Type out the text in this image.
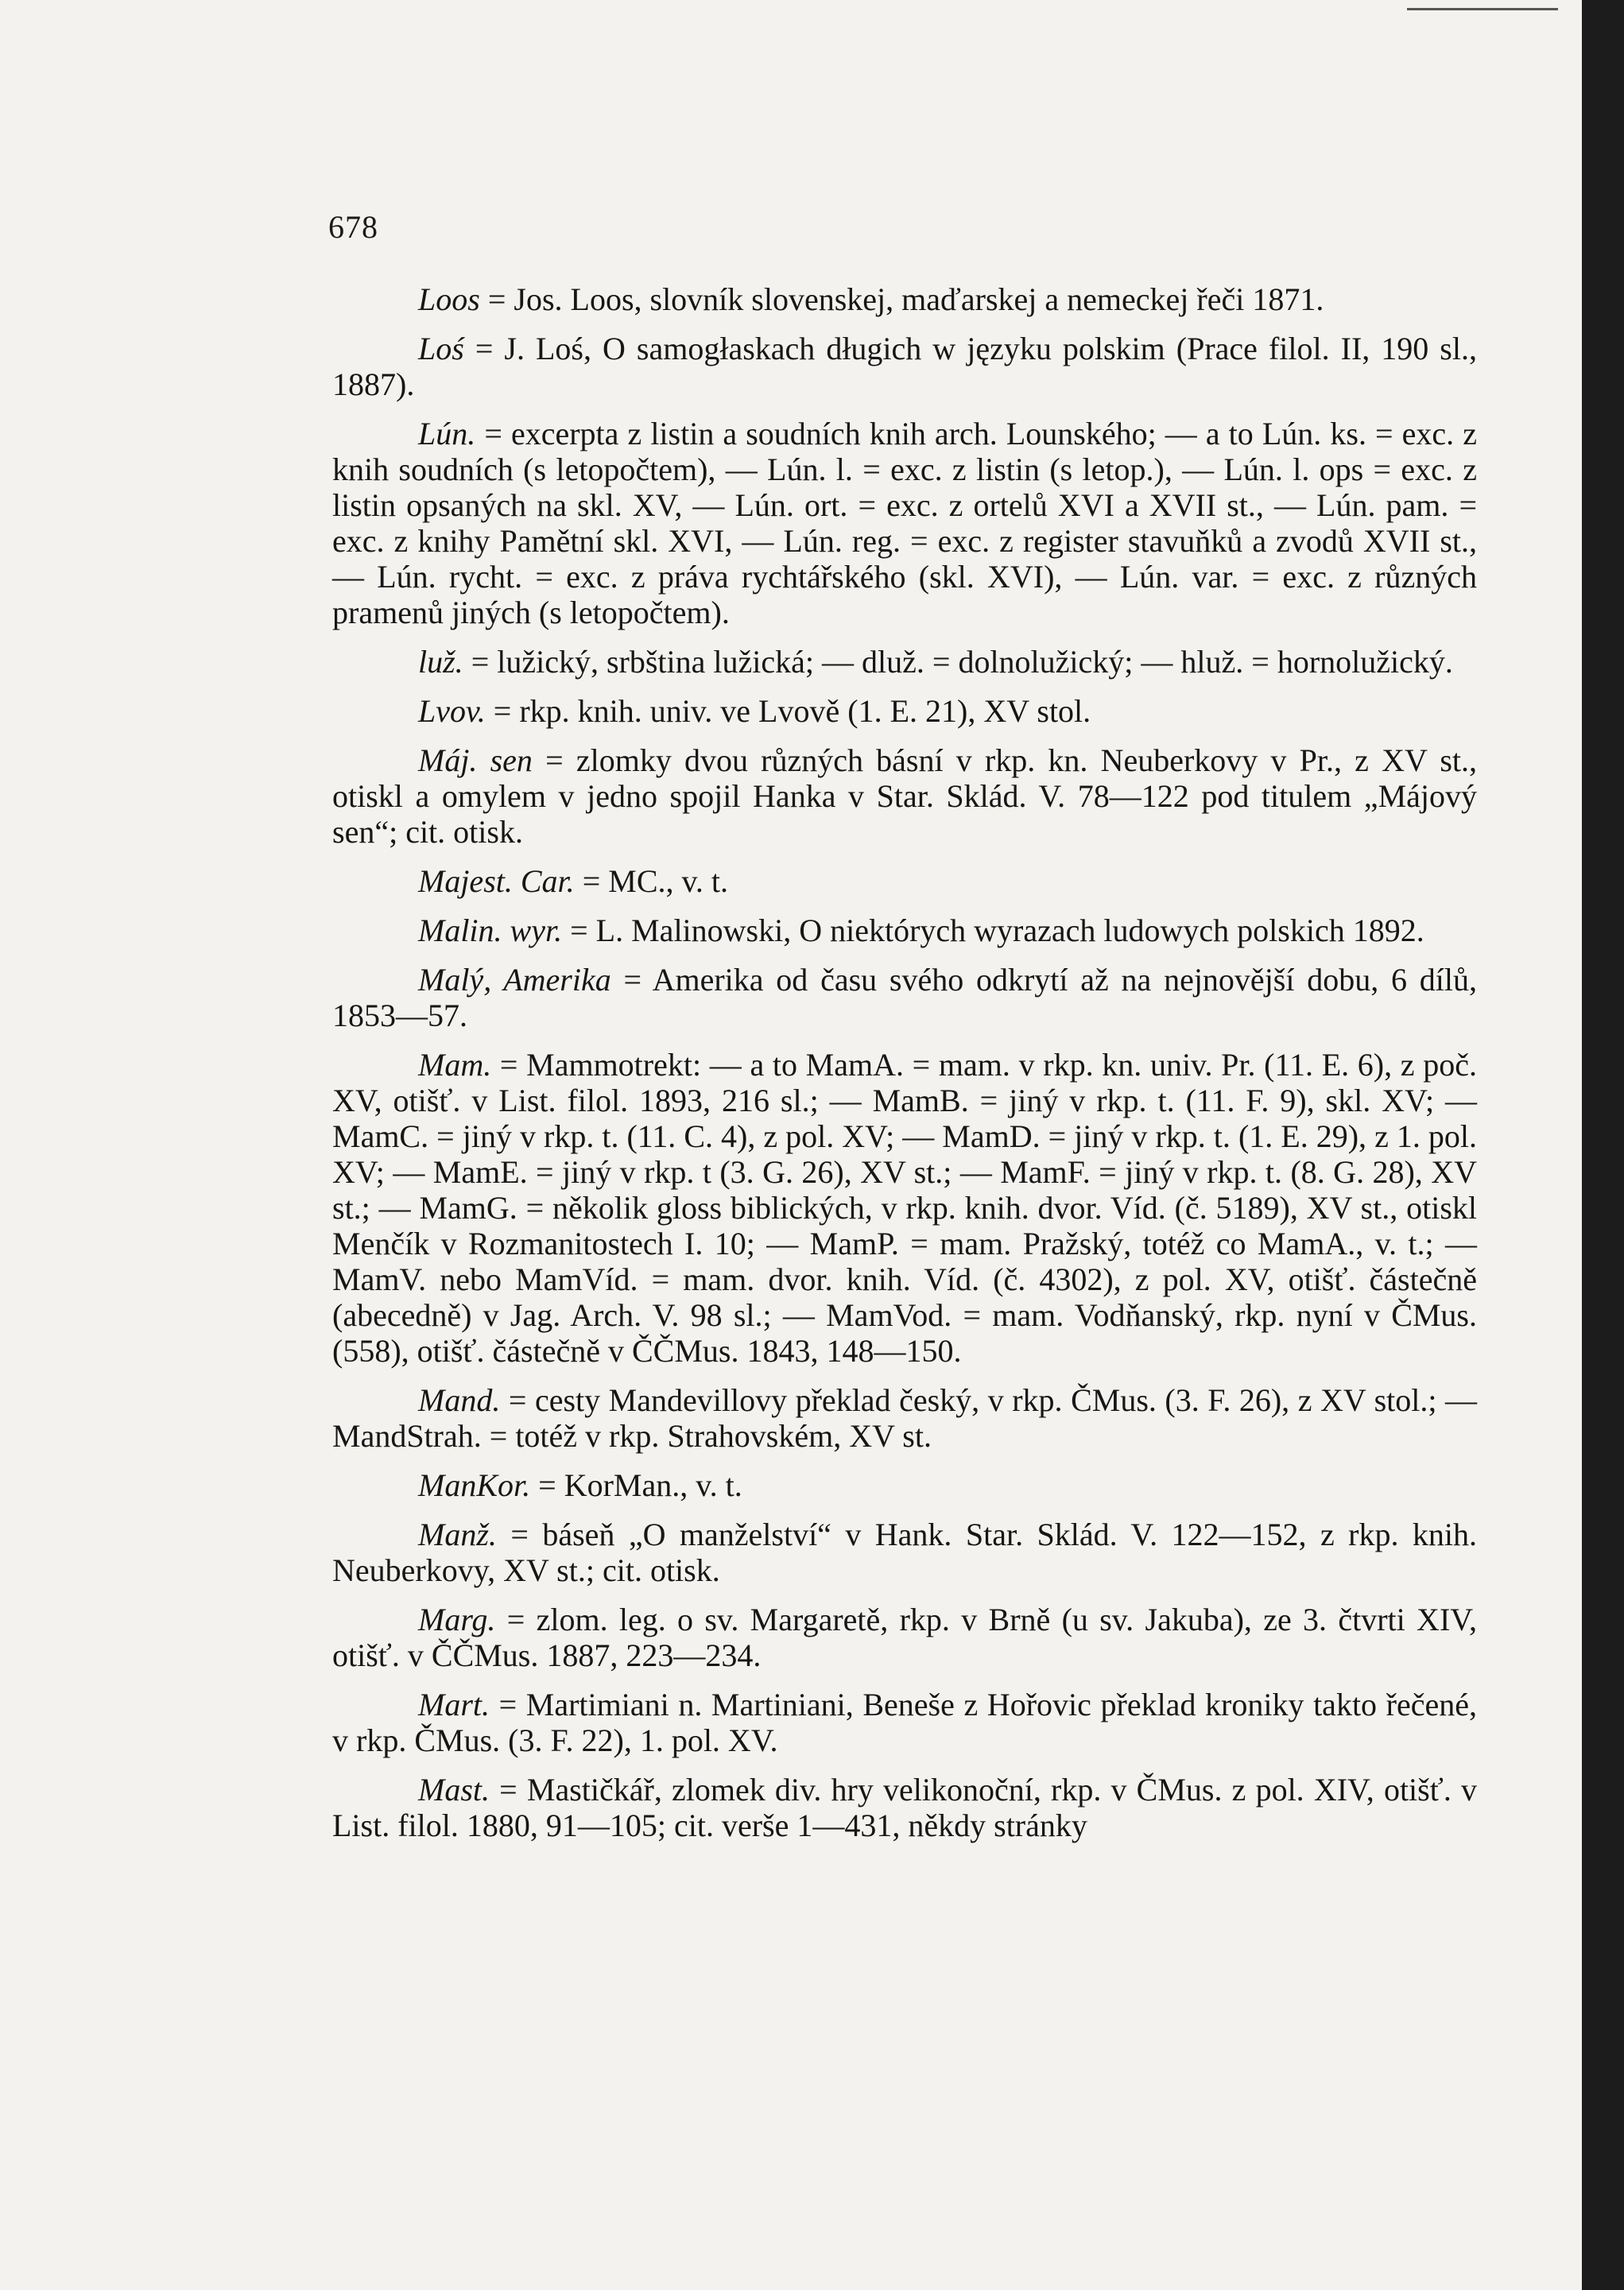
678

Loos = Jos. Loos, slovník slovenskej, maďarskej a nemeckej řeči 1871.

Loś = J. Loś, O samogłaskach długich w języku polskim (Prace filol. II, 190 sl., 1887).

Lún. = excerpta z listin a soudních knih arch. Lounského; — a to Lún. ks. = exc. z knih soudních (s letopočtem), — Lún. l. = exc. z listin (s letop.), — Lún. l. ops = exc. z listin opsaných na skl. XV, — Lún. ort. = exc. z ortelů XVI a XVII st., — Lún. pam. = exc. z knihy Pamětní skl. XVI, — Lún. reg. = exc. z register stavuňků a zvodů XVII st., — Lún. rycht. = exc. z práva rychtářského (skl. XVI), — Lún. var. = exc. z různých pramenů jiných (s letopočtem).

luž. = lužický, srbština lužická; — dluž. = dolnolužický; — hluž. = hornolužický.

Lvov. = rkp. knih. univ. ve Lvově (1. E. 21), XV stol.

Máj. sen = zlomky dvou různých básní v rkp. kn. Neuberkovy v Pr., z XV st., otiskl a omylem v jedno spojil Hanka v Star. Sklád. V. 78—122 pod titulem „Májový sen“; cit. otisk.

Majest. Car. = MC., v. t.

Malin. wyr. = L. Malinowski, O niektórych wyrazach ludowych polskich 1892.

Malý, Amerika = Amerika od času svého odkrytí až na nejnovější dobu, 6 dílů, 1853—57.

Mam. = Mammotrekt: — a to MamA. = mam. v rkp. kn. univ. Pr. (11. E. 6), z poč. XV, otišť. v List. filol. 1893, 216 sl.; — MamB. = jiný v rkp. t. (11. F. 9), skl. XV; — MamC. = jiný v rkp. t. (11. C. 4), z pol. XV; — MamD. = jiný v rkp. t. (1. E. 29), z 1. pol. XV; — MamE. = jiný v rkp. t (3. G. 26), XV st.; — MamF. = jiný v rkp. t. (8. G. 28), XV st.; — MamG. = několik gloss biblických, v rkp. knih. dvor. Víd. (č. 5189), XV st., otiskl Menčík v Rozmanitostech I. 10; — MamP. = mam. Pražský, totéž co MamA., v. t.; — MamV. nebo MamVíd. = mam. dvor. knih. Víd. (č. 4302), z pol. XV, otišť. částečně (abecedně) v Jag. Arch. V. 98 sl.; — MamVod. = mam. Vodňanský, rkp. nyní v ČMus. (558), otišť. částečně v ČČMus. 1843, 148—150.

Mand. = cesty Mandevillovy překlad český, v rkp. ČMus. (3. F. 26), z XV stol.; — MandStrah. = totéž v rkp. Strahovském, XV st.

ManKor. = KorMan., v. t.

Manž. = báseň „O manželství“ v Hank. Star. Sklád. V. 122—152, z rkp. knih. Neuberkovy, XV st.; cit. otisk.

Marg. = zlom. leg. o sv. Margaretě, rkp. v Brně (u sv. Jakuba), ze 3. čtvrti XIV, otišť. v ČČMus. 1887, 223—234.

Mart. = Martimiani n. Martiniani, Beneše z Hořovic překlad kroniky takto řečené, v rkp. ČMus. (3. F. 22), 1. pol. XV.

Mast. = Mastičkář, zlomek div. hry velikonoční, rkp. v ČMus. z pol. XIV, otišť. v List. filol. 1880, 91—105; cit. verše 1—431, někdy stránky
